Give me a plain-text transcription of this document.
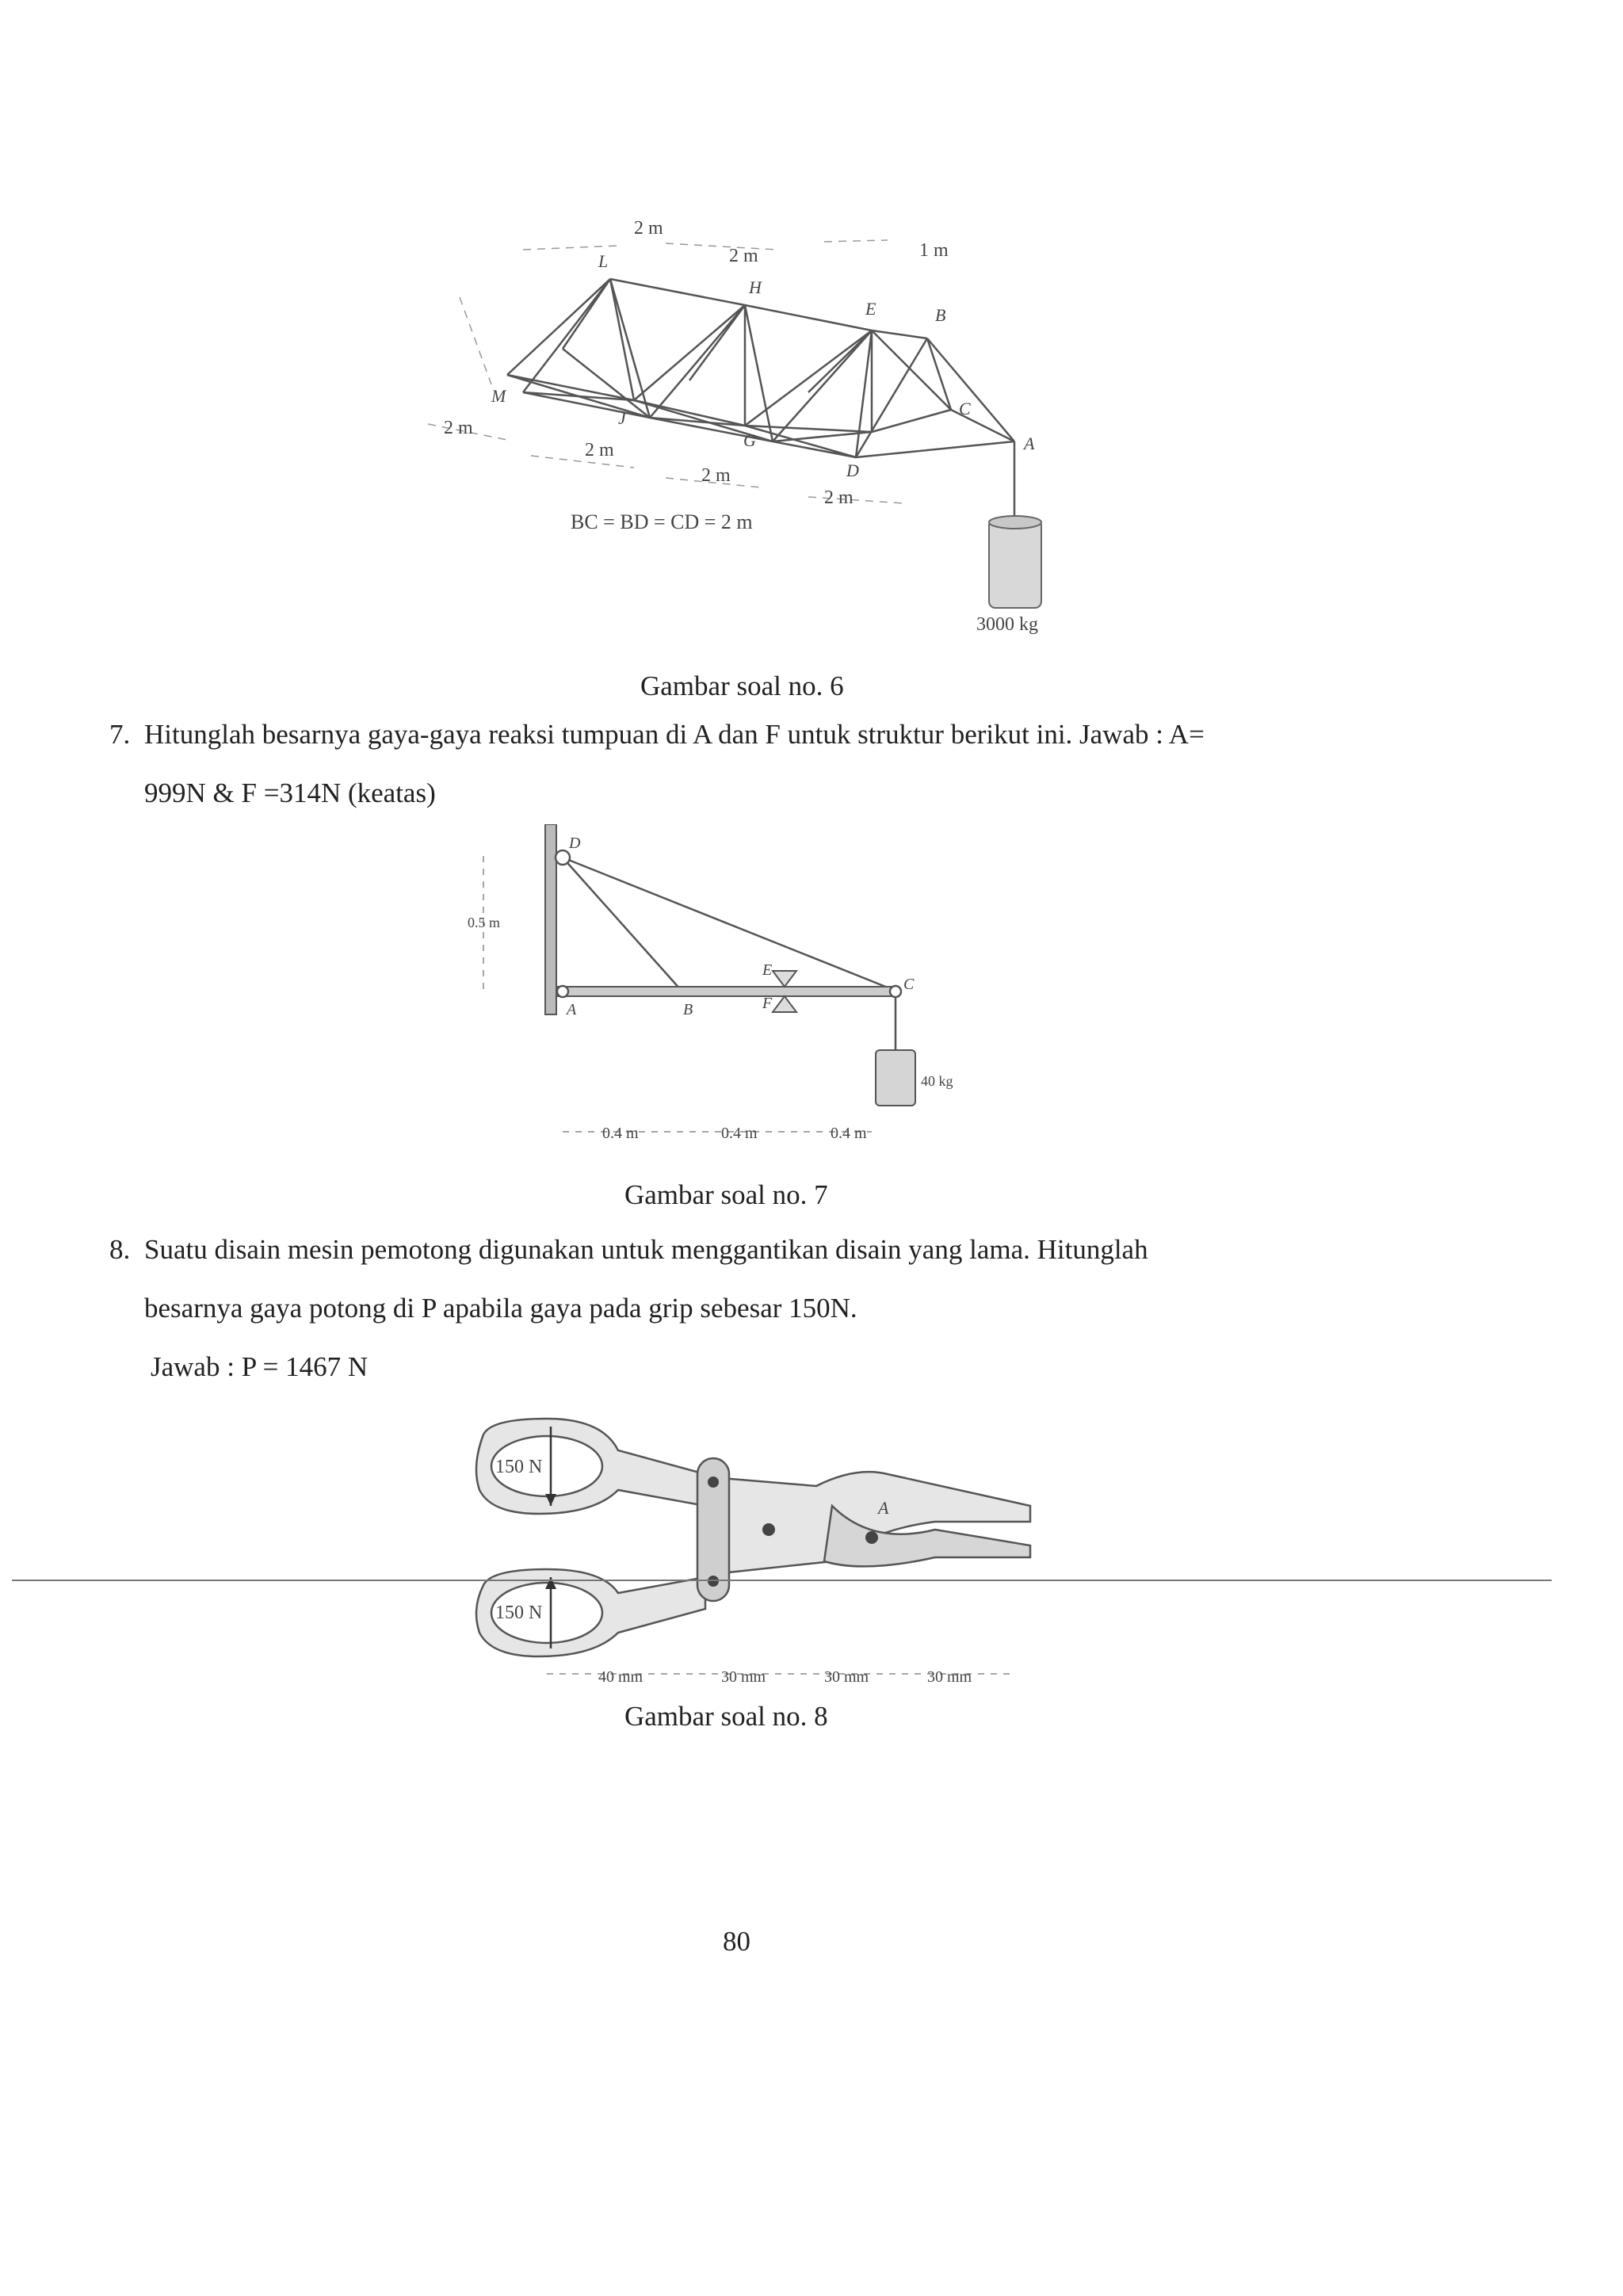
2 m
2 m	1 m
L
H
E	B
M
J
G
D
A
C
2 m
2 m
2 m
2 m
BC = BD = CD = 2 m
3000 kg
Gambar soal no. 6
7. Hitunglah besarnya gaya-gaya reaksi tumpuan di A dan F untuk struktur berikut ini. Jawab : A=
999N & F =314N (keatas)
D
A	B
C
E
F
0.5 m
40 kg
0.4 m	0.4 m	0.4 m
Gambar soal no. 7
8. Suatu disain mesin pemotong digunakan untuk menggantikan disain yang lama. Hitunglah
besarnya gaya potong di P apabila gaya pada grip sebesar 150N.
Jawab : P = 1467 N
150 N
150 N
A
40 mm	30 mm	30 mm	30 mm
Gambar soal no. 8
80
